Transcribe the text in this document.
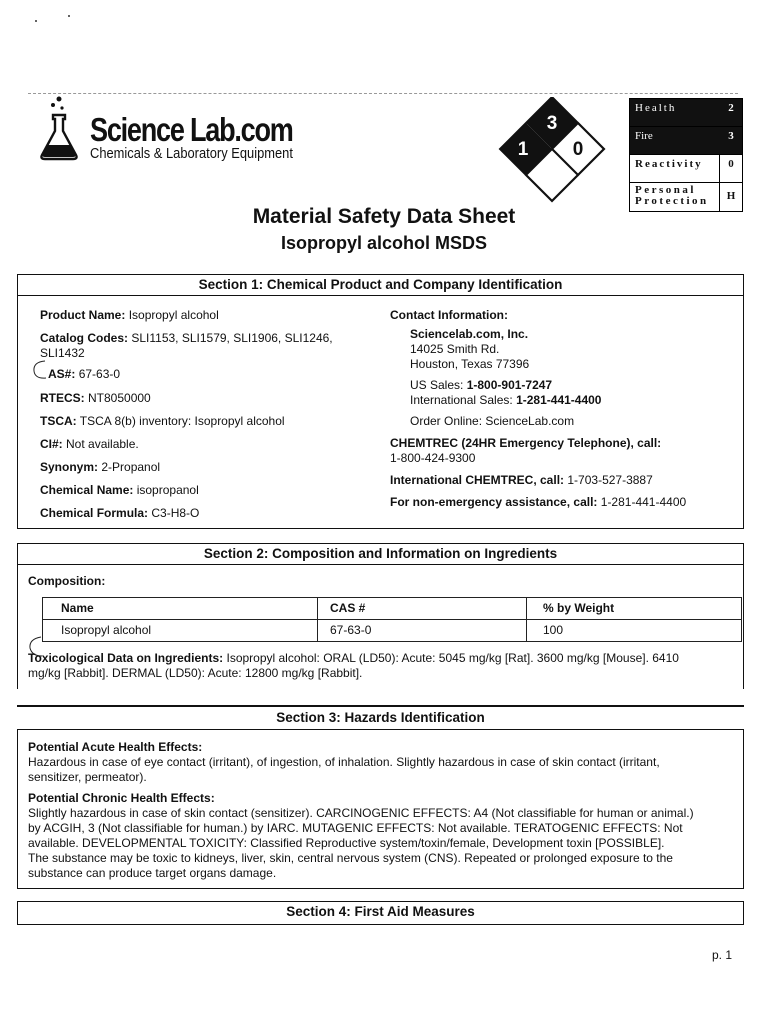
Science Lab.com
Chemicals & Laboratory Equipment
3
1 0
Health	2
Fire	3
Reactivity	0
Personal Protection	H
Material Safety Data Sheet
Isopropyl alcohol MSDS
Section 1: Chemical Product and Company Identification
Product Name: Isopropyl alcohol
Catalog Codes: SLI1153, SLI1579, SLI1906, SLI1246,
SLI1432
AS#: 67-63-0
RTECS: NT8050000
TSCA: TSCA 8(b) inventory: Isopropyl alcohol
CI#: Not available.
Synonym: 2-Propanol
Chemical Name: isopropanol
Chemical Formula: C3-H8-O
Contact Information:
Sciencelab.com, Inc.
14025 Smith Rd.
Houston, Texas 77396
US Sales: 1-800-901-7247
International Sales: 1-281-441-4400
Order Online: ScienceLab.com
CHEMTREC (24HR Emergency Telephone), call:
1-800-424-9300
International CHEMTREC, call: 1-703-527-3887
For non-emergency assistance, call: 1-281-441-4400
Section 2: Composition and Information on Ingredients
Composition:
Name	CAS #	% by Weight
Isopropyl alcohol	67-63-0	100
Toxicological Data on Ingredients: Isopropyl alcohol: ORAL (LD50): Acute: 5045 mg/kg [Rat]. 3600 mg/kg [Mouse]. 6410
mg/kg [Rabbit]. DERMAL (LD50): Acute: 12800 mg/kg [Rabbit].
Section 3: Hazards Identification
Potential Acute Health Effects:
Hazardous in case of eye contact (irritant), of ingestion, of inhalation. Slightly hazardous in case of skin contact (irritant,
sensitizer, permeator).
Potential Chronic Health Effects:
Slightly hazardous in case of skin contact (sensitizer). CARCINOGENIC EFFECTS: A4 (Not classifiable for human or animal.)
by ACGIH, 3 (Not classifiable for human.) by IARC. MUTAGENIC EFFECTS: Not available. TERATOGENIC EFFECTS: Not
available. DEVELOPMENTAL TOXICITY: Classified Reproductive system/toxin/female, Development toxin [POSSIBLE].
The substance may be toxic to kidneys, liver, skin, central nervous system (CNS). Repeated or prolonged exposure to the
substance can produce target organs damage.
Section 4: First Aid Measures
p. 1
